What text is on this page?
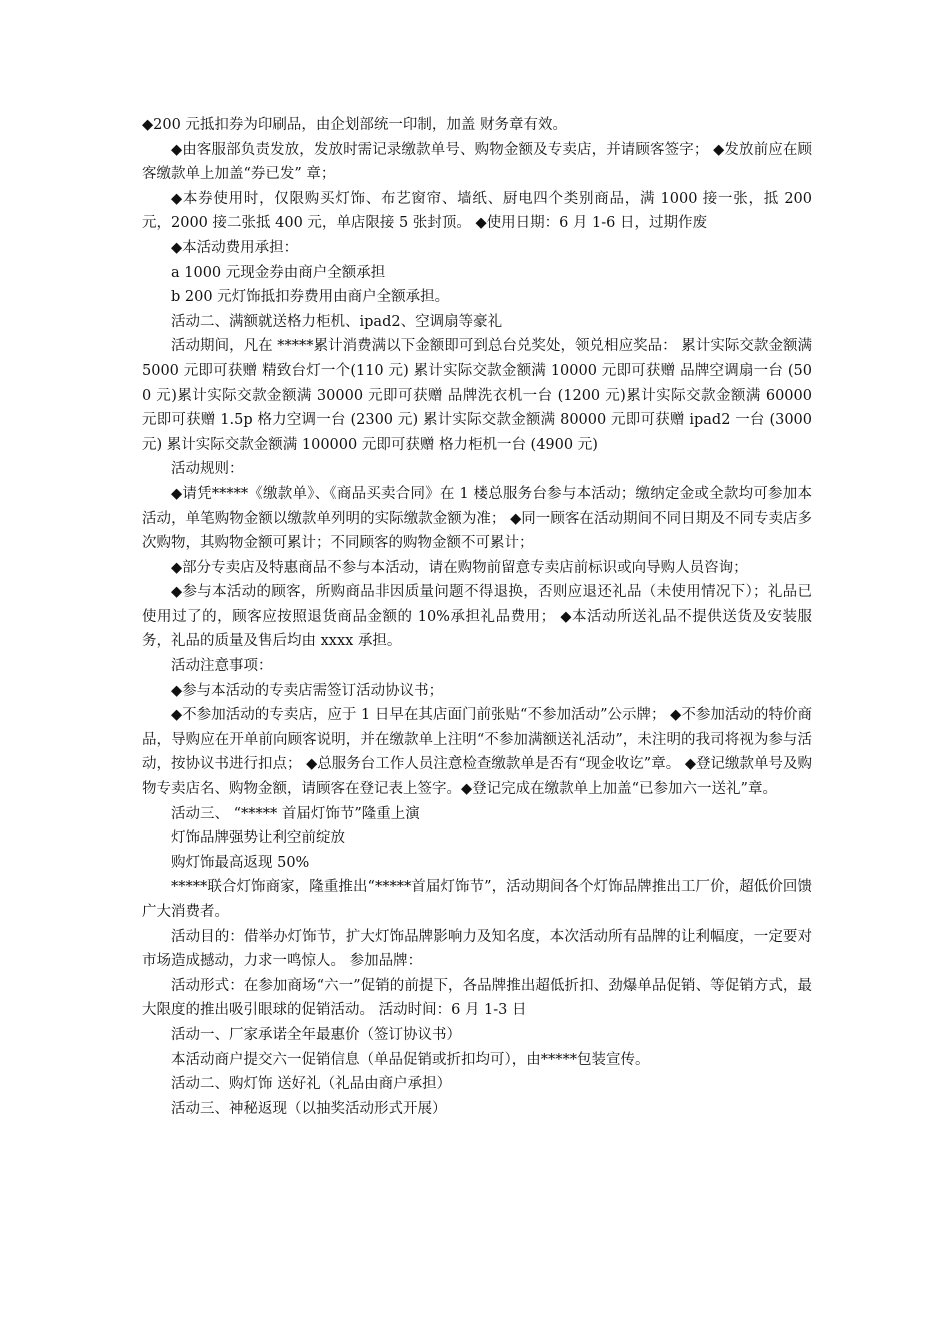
◆200 元抵扣券为印刷品，由企划部统一印制，加盖 财务章有效。

◆由客服部负责发放，发放时需记录缴款单号、购物金额及专卖店，并请顾客签字； ◆发放前应在顾客缴款单上加盖“券已发” 章；

◆本券使用时，仅限购买灯饰、布艺窗帘、墙纸、厨电四个类别商品，满 1000 接一张，抵 200 元，2000 接二张抵 400 元，单店限接 5 张封顶。 ◆使用日期：6 月 1-6 日，过期作废

◆本活动费用承担：

a 1000 元现金券由商户全额承担

b 200 元灯饰抵扣券费用由商户全额承担。

活动二、满额就送格力柜机、ipad2、空调扇等豪礼

活动期间，凡在 *****累计消费满以下金额即可到总台兑奖处，领兑相应奖品： 累计实际交款金额满 5000 元即可获赠 精致台灯一个(110 元) 累计实际交款金额满 10000 元即可获赠 品牌空调扇一台 (500 元)累计实际交款金额满 30000 元即可获赠 品牌洗衣机一台 (1200 元)累计实际交款金额满 60000 元即可获赠 1.5p 格力空调一台 (2300 元) 累计实际交款金额满 80000 元即可获赠 ipad2 一台 (3000 元) 累计实际交款金额满 100000 元即可获赠 格力柜机一台 (4900 元)

活动规则：

◆请凭*****《缴款单》、《商品买卖合同》在 1 楼总服务台参与本活动；缴纳定金或全款均可参加本活动，单笔购物金额以缴款单列明的实际缴款金额为准； ◆同一顾客在活动期间不同日期及不同专卖店多次购物，其购物金额可累计；不同顾客的购物金额不可累计；

◆部分专卖店及特惠商品不参与本活动，请在购物前留意专卖店前标识或向导购人员咨询；

◆参与本活动的顾客，所购商品非因质量问题不得退换，否则应退还礼品（未使用情况下）；礼品已使用过了的，顾客应按照退货商品金额的 10%承担礼品费用； ◆本活动所送礼品不提供送货及安装服务，礼品的质量及售后均由 xxxx 承担。

活动注意事项：

◆参与本活动的专卖店需签订活动协议书；

◆不参加活动的专卖店，应于 1 日早在其店面门前张贴“不参加活动”公示牌； ◆不参加活动的特价商品，导购应在开单前向顾客说明，并在缴款单上注明“不参加满额送礼活动”，未注明的我司将视为参与活动，按协议书进行扣点； ◆总服务台工作人员注意检查缴款单是否有“现金收讫”章。 ◆登记缴款单号及购物专卖店名、购物金额，请顾客在登记表上签字。◆登记完成在缴款单上加盖“已参加六一送礼”章。

活动三、 “***** 首届灯饰节”隆重上演

灯饰品牌强势让利空前绽放

购灯饰最高返现 50%

*****联合灯饰商家，隆重推出“*****首届灯饰节”，活动期间各个灯饰品牌推出工厂价，超低价回馈广大消费者。

活动目的：借举办灯饰节，扩大灯饰品牌影响力及知名度，本次活动所有品牌的让利幅度，一定要对市场造成撼动，力求一鸣惊人。 参加品牌：

活动形式：在参加商场“六一”促销的前提下，各品牌推出超低折扣、劲爆单品促销、等促销方式，最大限度的推出吸引眼球的促销活动。 活动时间：6 月 1-3 日

活动一、厂家承诺全年最惠价（签订协议书）

本活动商户提交六一促销信息（单品促销或折扣均可），由*****包装宣传。

活动二、购灯饰 送好礼（礼品由商户承担）

活动三、神秘返现（以抽奖活动形式开展）
